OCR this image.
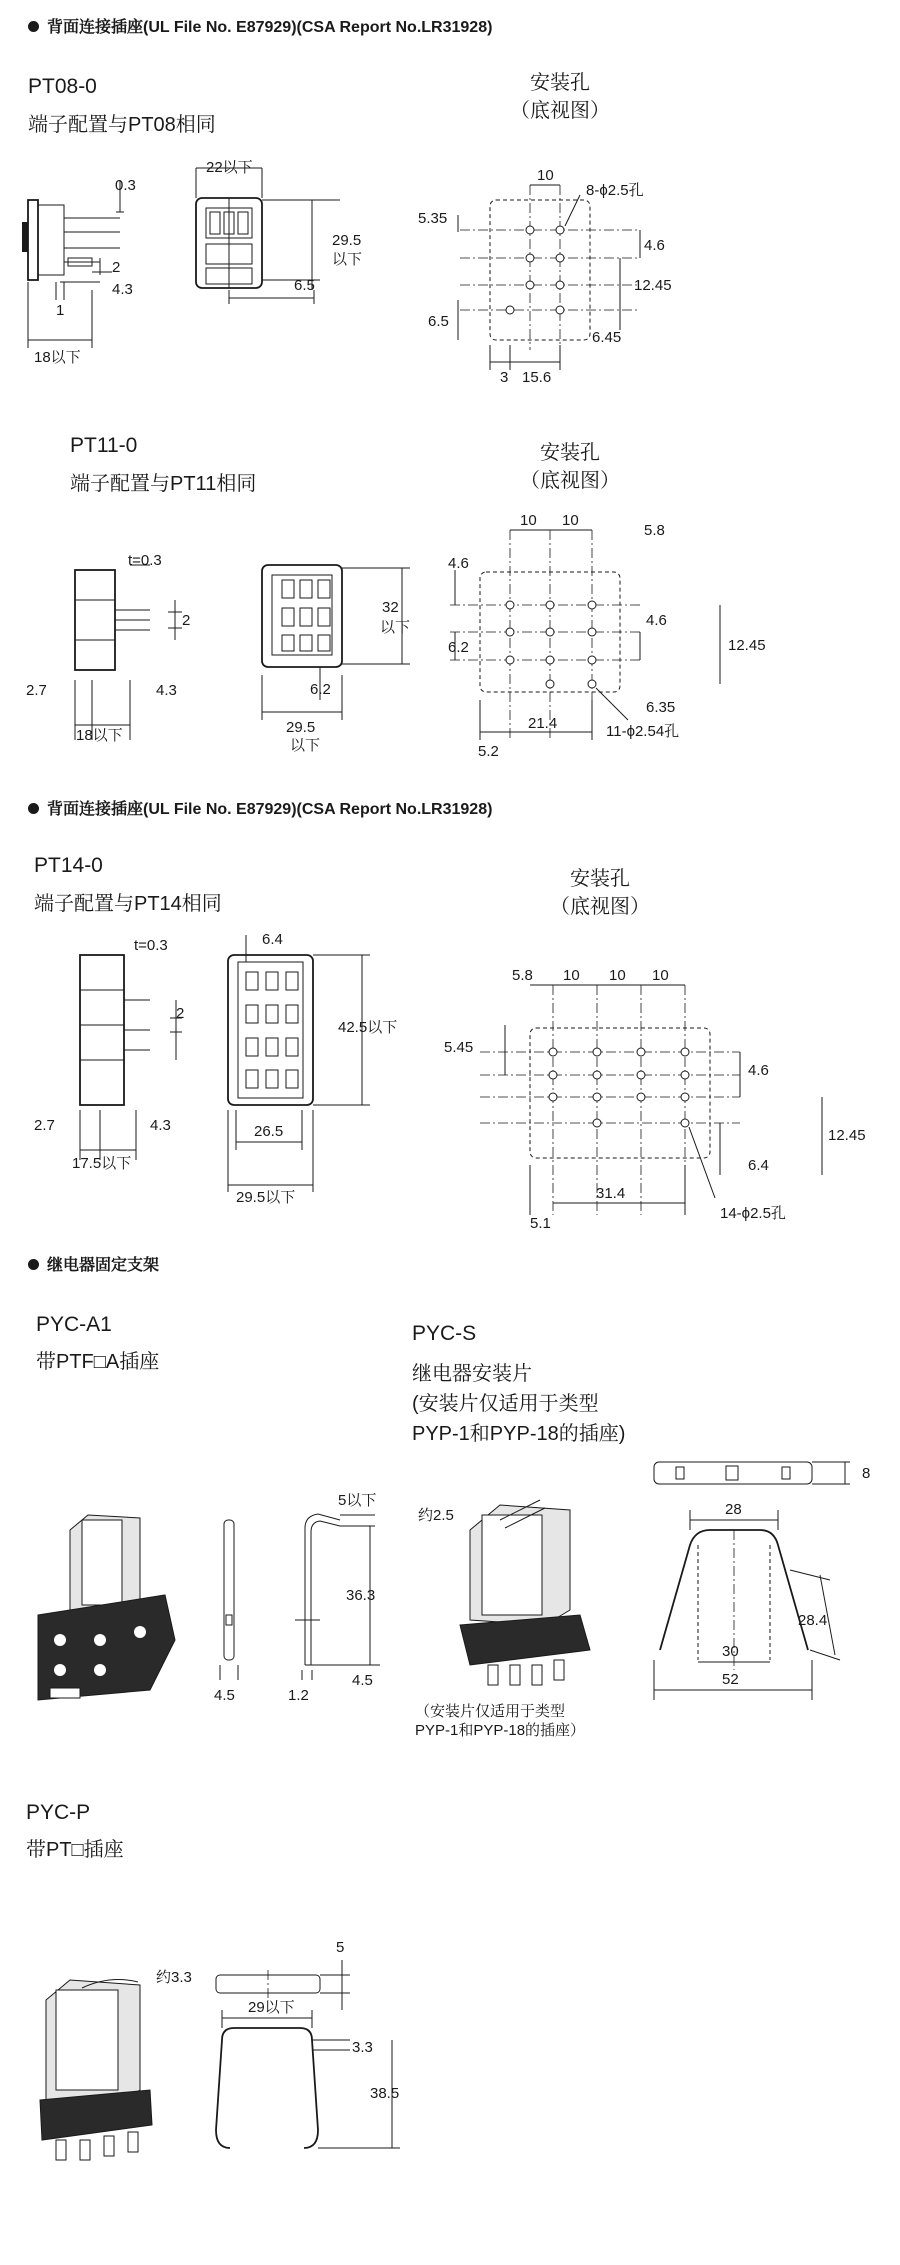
背面连接插座(UL File No. E87929)(CSA Report No.LR31928)
PT08-0
端子配置与PT08相同
安装孔
（底视图）
PT11-0
端子配置与PT11相同
安装孔
（底视图）
背面连接插座(UL File No. E87929)(CSA Report No.LR31928)
PT14-0
端子配置与PT14相同
安装孔
（底视图）
继电器固定支架
PYC-A1
带PTF□A插座
PYC-S
继电器安装片
(安装片仅适用于类型
PYP-1和PYP-18的插座)
（安装片仅适用于类型
PYP-1和PYP-18的插座）
PYC-P
带PT□插座
0.3
2
4.3
1
18以下
22以下
29.5
以下
6.5
10
5.35
8-ϕ2.5孔
4.6
12.45
6.5
6.45
3 15.6
t=0.3
2
2.7	4.3
18以下
32
以下
6.2
29.5
以下
10 10
5.8
4.6
4.6
6.2	12.45
6.35
5.2
21.4	11-ϕ2.54孔
t=0.3
2
2.7	4.3
17.5以下
6.4
42.5以下
26.5
29.5以下
5.8 10 10 10
5.45
4.6
12.45
6.4
5.1
31.4
14-ϕ2.5孔
5以下
36.3
4.5	1.2
4.5
约2.5
8
28
28.4
30
52
约3.3
5
29以下
3.3
38.5
